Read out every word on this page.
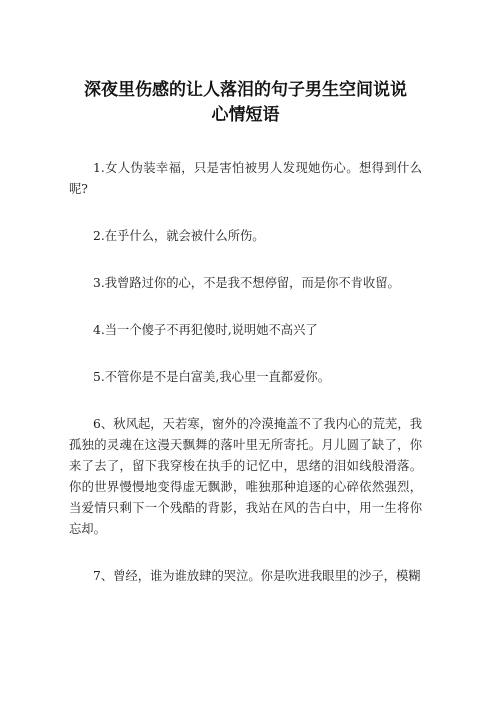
深夜里伤感的让人落泪的句子男生空间说说
心情短语

1.女人伪装幸福，只是害怕被男人发现她伤心。想得到什么呢?

2.在乎什么，就会被什么所伤。

3.我曾路过你的心，不是我不想停留，而是你不肯收留。

4.当一个傻子不再犯傻时,说明她不高兴了

5.不管你是不是白富美,我心里一直都爱你。

6、秋风起，天若寒，窗外的冷漠掩盖不了我内心的荒芜，我孤独的灵魂在这漫天飘舞的落叶里无所寄托。月儿圆了缺了，你来了去了，留下我穿梭在执手的记忆中，思绪的泪如线般滑落。你的世界慢慢地变得虚无飘渺，唯独那种追逐的心碎依然强烈，当爱情只剩下一个残酷的背影，我站在风的告白中，用一生将你忘却。

7、曾经，谁为谁放肆的哭泣。你是吹进我眼里的沙子，模糊
